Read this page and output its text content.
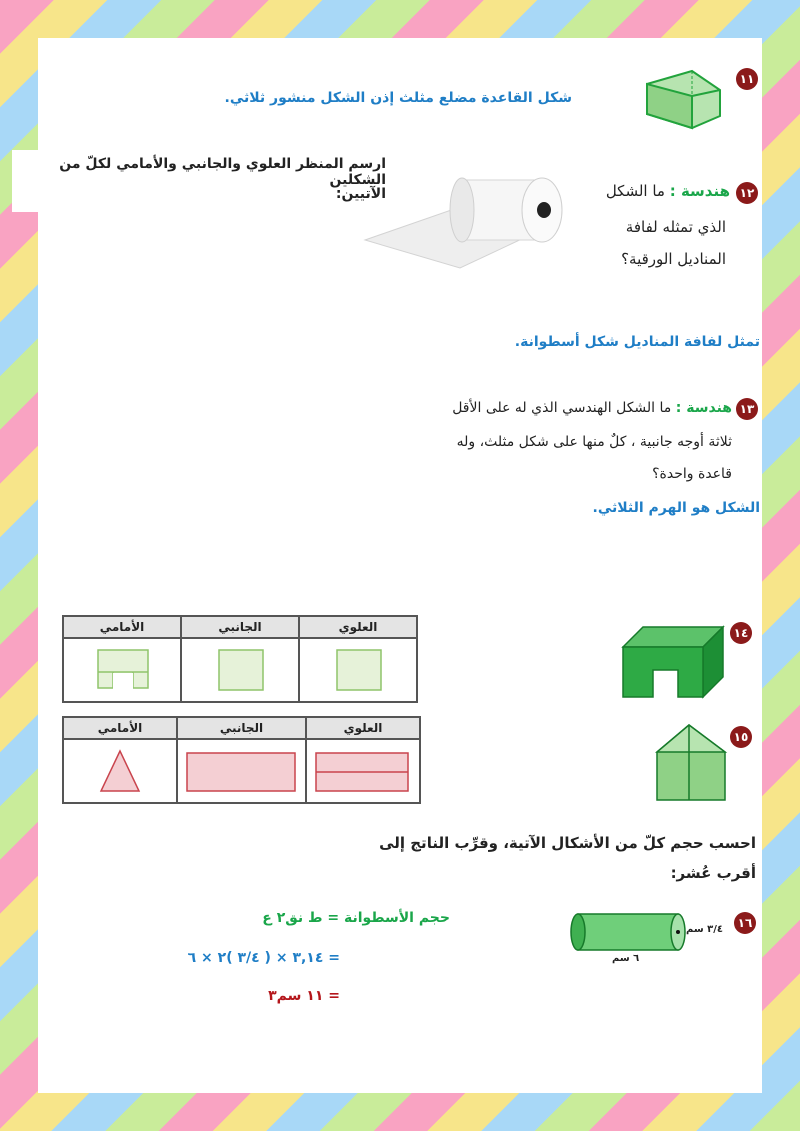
١١
شكل القاعدة مضلع مثلث إذن الشكل منشور ثلاثي.
ارسم المنظر العلوي والجانبي والأمامي لكلّ من الشكلين
الآتيين:	١٢
هندسة : ما الشكل
الذي تمثله لفافة
المناديل الورقية؟
تمثل لفافة المناديل شكل أسطوانة.
١٣
هندسة : ما الشكل الهندسي الذي له على الأقل
ثلاثة أوجه جانبية ، كلٌ منها على شكل مثلث، وله
قاعدة واحدة؟
الشكل هو الهرم الثلاثي.
الأمامي	الجانبي	العلوي

		١٤
الأمامي	الجانبي	العلوي

١٥
احسب حجم كلّ من الأشكال الآتية، وقرِّب الناتج إلى
أقرب عُشر:
١٦
٣/٤ سم
٦ سم
حجم الأسطوانة = ط نق٢ ع
= ٣,١٤ × ( ٣/٤ )٢ × ٦
= ١١ سم٣
